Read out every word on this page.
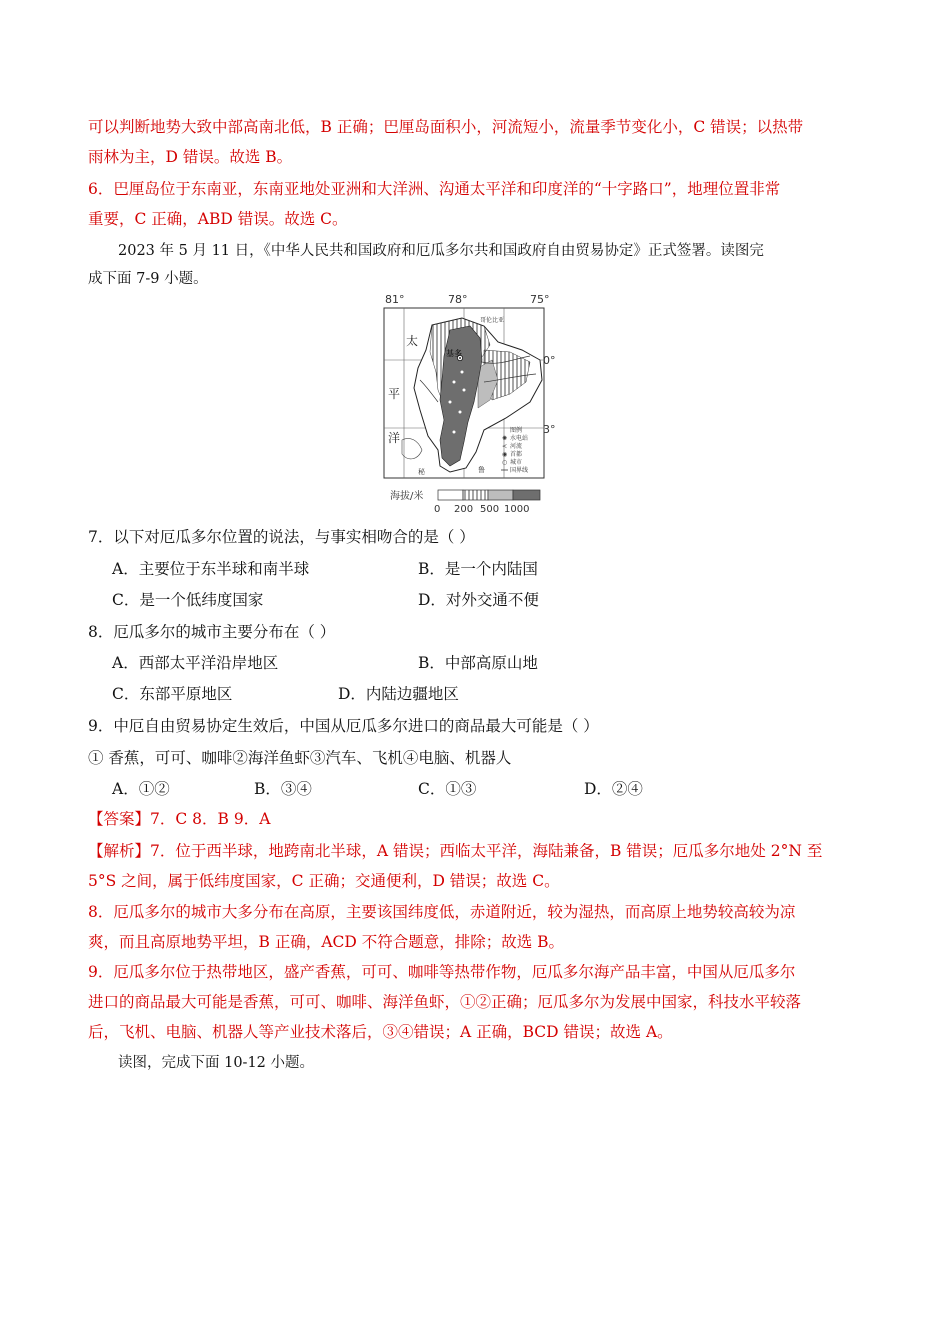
可以判断地势大致中部高南北低，B 正确；巴厘岛面积小，河流短小，流量季节变化小，C 错误；以热带
雨林为主，D 错误。故选 B。
6．巴厘岛位于东南亚，东南亚地处亚洲和大洋洲、沟通太平洋和印度洋的“十字路口”，地理位置非常
重要，C 正确，ABD 错误。故选 C。
2023 年 5 月 11 日，《中华人民共和国政府和厄瓜多尔共和国政府自由贸易协定》正式签署。读图完
成下面 7-9 小题。
81°	78°	75°
哥伦比亚
基多
太
平
洋
0°
3°
秘	鲁
图例
✺ 水电站
≺ 河流
◉ 首都
○ 城市
国界线
海拔/米
0 200 500 1000
7．以下对厄瓜多尔位置的说法，与事实相吻合的是（ ）
A．主要位于东半球和南半球	B．是一个内陆国
C．是一个低纬度国家	D．对外交通不便
8．厄瓜多尔的城市主要分布在（ ）
A．西部太平洋沿岸地区	B．中部高原山地
C．东部平原地区	D．内陆边疆地区
9．中厄自由贸易协定生效后，中国从厄瓜多尔进口的商品最大可能是（ ）
① 香蕉，可可、咖啡②海洋鱼虾③汽车、飞机④电脑、机器人
A．①②	B．③④	C．①③	D．②④
【答案】7．C 8．B 9．A
【解析】7．位于西半球，地跨南北半球，A 错误；西临太平洋，海陆兼备，B 错误；厄瓜多尔地处 2°N 至
5°S 之间，属于低纬度国家，C 正确；交通便利，D 错误；故选 C。
8．厄瓜多尔的城市大多分布在高原，主要该国纬度低，赤道附近，较为湿热，而高原上地势较高较为凉
爽，而且高原地势平坦，B 正确，ACD 不符合题意，排除；故选 B。
9．厄瓜多尔位于热带地区，盛产香蕉，可可、咖啡等热带作物，厄瓜多尔海产品丰富，中国从厄瓜多尔
进口的商品最大可能是香蕉，可可、咖啡、海洋鱼虾，①②正确；厄瓜多尔为发展中国家，科技水平较落
后，飞机、电脑、机器人等产业技术落后，③④错误；A 正确，BCD 错误；故选 A。
读图，完成下面 10-12 小题。
